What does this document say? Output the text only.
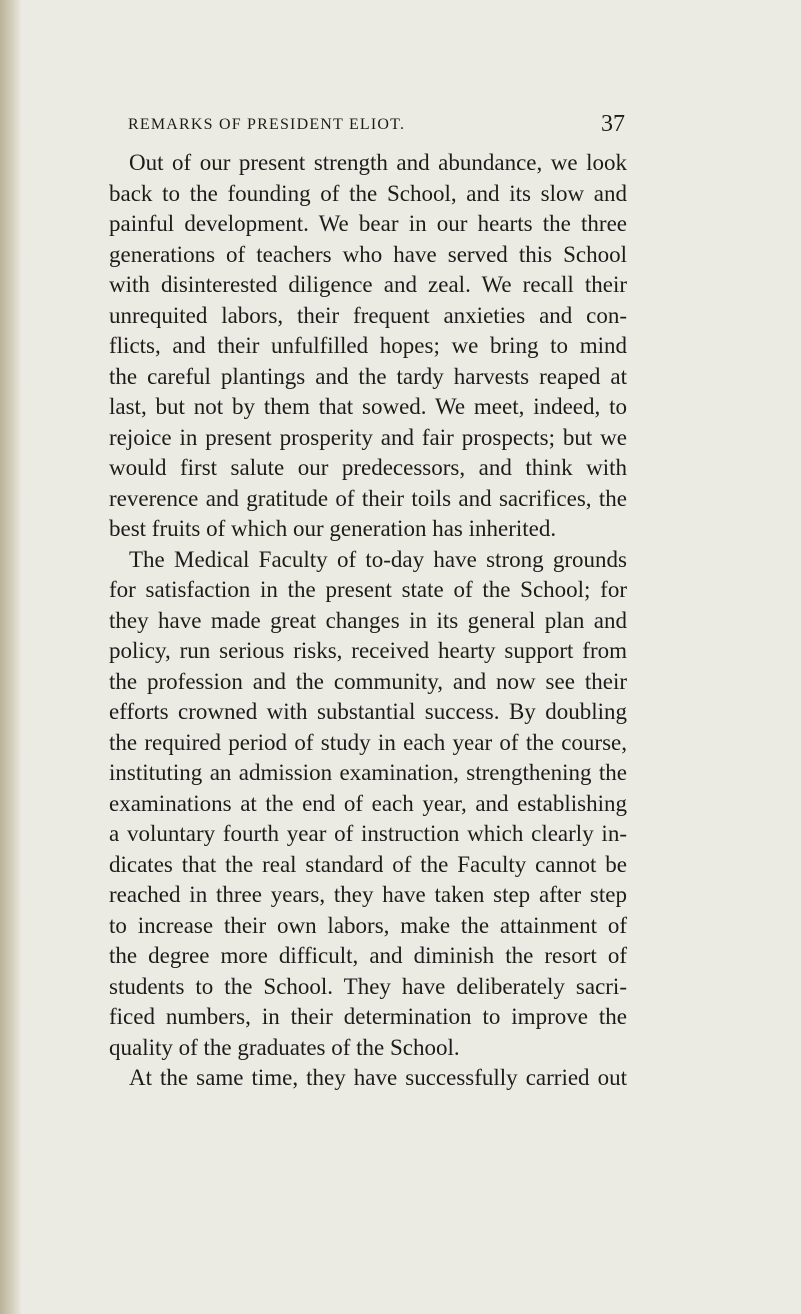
REMARKS OF PRESIDENT ELIOT.	37
Out of our present strength and abundance, we look
back to the founding of the School, and its slow and
painful development. We bear in our hearts the three
generations of teachers who have served this School
with disinterested diligence and zeal. We recall their
unrequited labors, their frequent anxieties and con-
flicts, and their unfulfilled hopes; we bring to mind
the careful plantings and the tardy harvests reaped at
last, but not by them that sowed. We meet, indeed, to
rejoice in present prosperity and fair prospects; but we
would first salute our predecessors, and think with
reverence and gratitude of their toils and sacrifices, the
best fruits of which our generation has inherited.
The Medical Faculty of to-day have strong grounds
for satisfaction in the present state of the School; for
they have made great changes in its general plan and
policy, run serious risks, received hearty support from
the profession and the community, and now see their
efforts crowned with substantial success. By doubling
the required period of study in each year of the course,
instituting an admission examination, strengthening the
examinations at the end of each year, and establishing
a voluntary fourth year of instruction which clearly in-
dicates that the real standard of the Faculty cannot be
reached in three years, they have taken step after step
to increase their own labors, make the attainment of
the degree more difficult, and diminish the resort of
students to the School. They have deliberately sacri-
ficed numbers, in their determination to improve the
quality of the graduates of the School.
At the same time, they have successfully carried out
